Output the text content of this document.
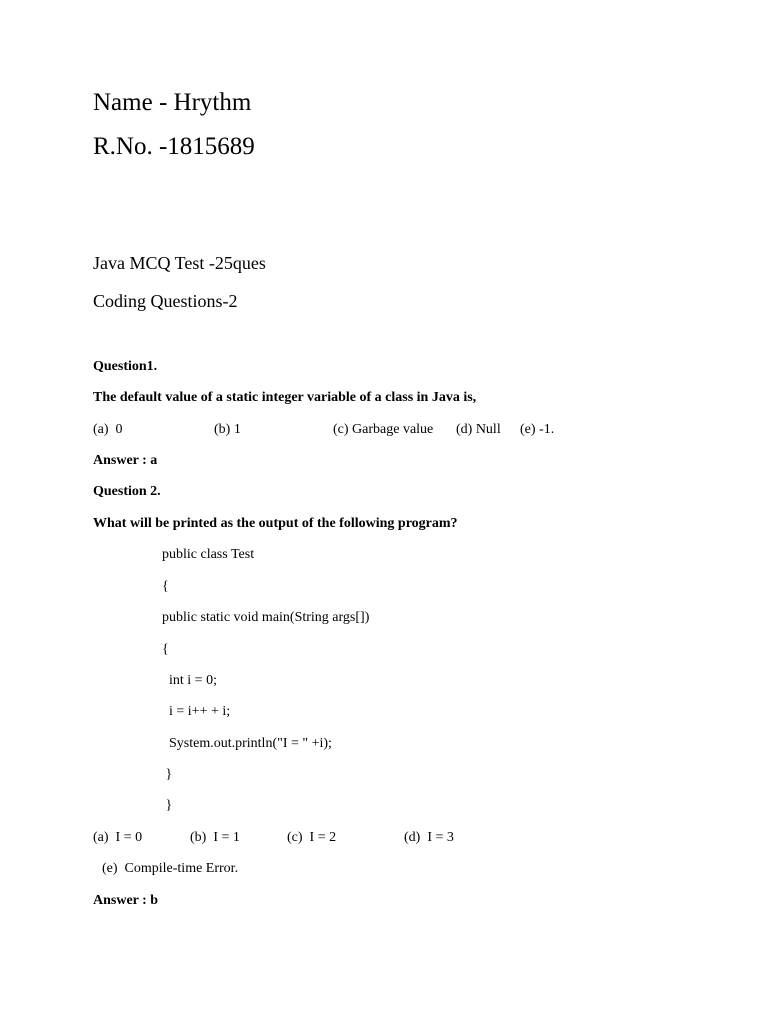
Name - Hrythm
R.No. -1815689
Java MCQ Test -25ques
Coding Questions-2
Question1.
The default value of a static integer variable of a class in Java is,
(a)  0	(b) 1	(c) Garbage value (d) Null (e) -1.
Answer : a
Question 2.
What will be printed as the output of the following program?
public class Test
{
public static void main(String args[])
{
int i = 0;
i = i++ + i;
System.out.println("I = " +i);
}
}
(a)  I = 0	(b)  I = 1	(c)  I = 2	(d)  I = 3
(e)  Compile-time Error.
Answer : b
